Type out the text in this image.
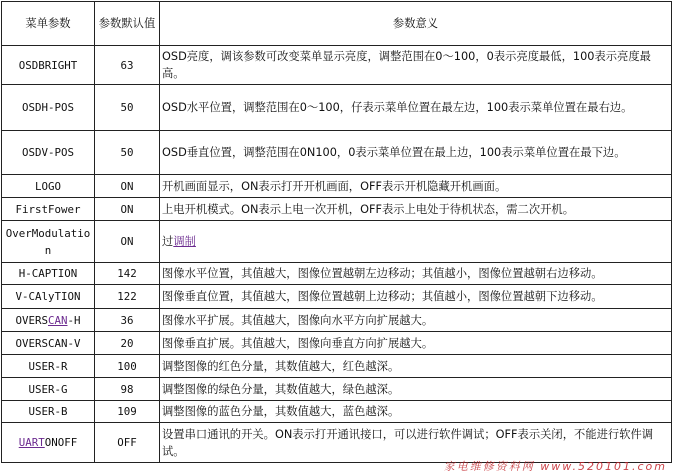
菜单参数	参数默认值	参数意义
OSDBRIGHT	63	OSD亮度，调该参数可改变菜单显示亮度，调整范围在0～100，0表示亮度最低，100表示亮度最高。
OSDH-POS	50	OSD水平位置，调整范围在0～100，仔表示菜单位置在最左边，100表示菜单位置在最右边。
OSDV-POS	50	OSD垂直位置，调整范围在0N100，0表示菜单位置在最上边，100表示菜单位置在最下边。
LOGO	ON	开机画面显示，ON表示打开开机画面，OFF表示开机隐藏开机画面。
FirstFower	ON	上电开机模式。ON表示上电一次开机，OFF表示上电处于待机状态，需二次开机。
OverModulation	ON	过调制
H-CAPTION	142	图像水平位置，其值越大，图像位置越朝左边移动；其值越小，图像位置越朝右边移动。
V-CAlyTION	122	图像垂直位置，其值越大，图像位置越朝上边移动；其值越小，图像位置越朝下边移动。
OVERSCAN-H	36	图像水平扩展。其值越大，图像向水平方向扩展越大。
OVERSCAN-V	20	图像垂直扩展。其值越大，图像向垂直方向扩展越大。
USER-R	100	调整图像的红色分量，其数值越大，红色越深。
USER-G	98	调整图像的绿色分量，其数值越大，绿色越深。
USER-B	109	调整图像的蓝色分量，其数值越大，蓝色越深。
UARTONOFF	OFF	设置串口通讯的开关。ON表示打开通讯接口，可以进行软件调试；OFF表示关闭，不能进行软件调试。
家电维修资料网 www.520101.com
